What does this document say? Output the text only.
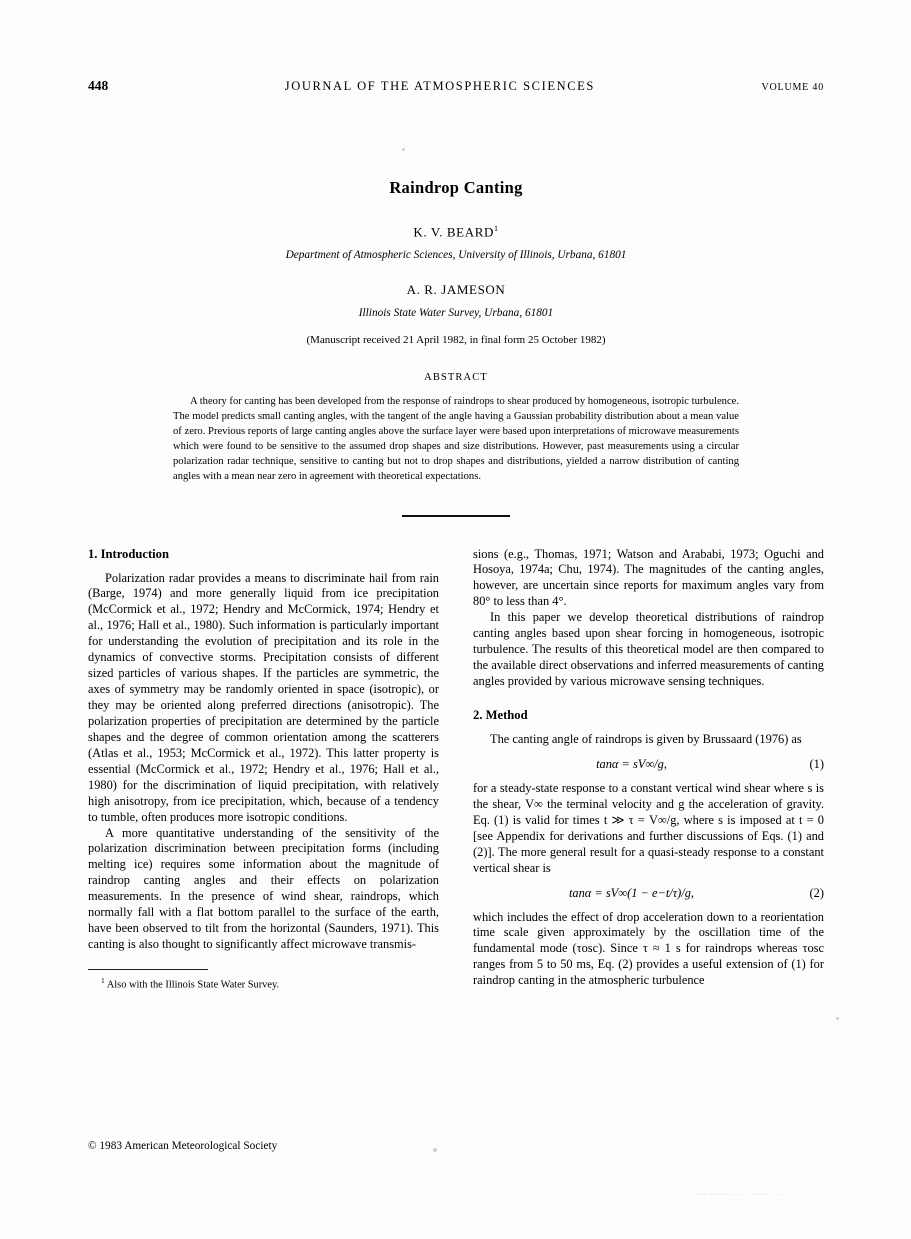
448	JOURNAL OF THE ATMOSPHERIC SCIENCES	VOLUME 40
Raindrop Canting
K. V. BEARD$^1$
Department of Atmospheric Sciences, University of Illinois, Urbana, 61801
A. R. JAMESON
Illinois State Water Survey, Urbana, 61801
(Manuscript received 21 April 1982, in final form 25 October 1982)
ABSTRACT
A theory for canting has been developed from the response of raindrops to shear produced by homogeneous, isotropic turbulence. The model predicts small canting angles, with the tangent of the angle having a Gaussian probability distribution about a mean value of zero. Previous reports of large canting angles above the surface layer were based upon interpretations of microwave measurements which were found to be sensitive to the assumed drop shapes and size distributions. However, past measurements using a circular polarization radar technique, sensitive to canting but not to drop shapes and distributions, yielded a narrow distribution of canting angles with a mean near zero in agreement with theoretical expectations.
1. Introduction

Polarization radar provides a means to discriminate hail from rain (Barge, 1974) and more generally liquid from ice precipitation (McCormick et al., 1972; Hendry and McCormick, 1974; Hendry et al., 1976; Hall et al., 1980). Such information is particularly important for understanding the evolution of precipitation and its role in the dynamics of convective storms. Precipitation consists of different sized particles of various shapes. If the particles are symmetric, the axes of symmetry may be randomly oriented in space (isotropic), or they may be oriented along preferred directions (anisotropic). The polarization properties of precipitation are determined by the particle shapes and the degree of common orientation among the scatterers (Atlas et al., 1953; McCormick et al., 1972). This latter property is essential (McCormick et al., 1972; Hendry et al., 1976; Hall et al., 1980) for the discrimination of liquid precipitation, with relatively high anisotropy, from ice precipitation, which, because of a tendency to tumble, often produces more isotropic conditions.

A more quantitative understanding of the sensitivity of the polarization discrimination between precipitation forms (including melting ice) requires some information about the magnitude of raindrop canting angles and their effects on polarization measurements. In the presence of wind shear, raindrops, which normally fall with a flat bottom parallel to the surface of the earth, have been observed to tilt from the horizontal (Saunders, 1971). This canting is also thought to significantly affect microwave transmis-

$^1$ Also with the Illinois State Water Survey.

sions (e.g., Thomas, 1971; Watson and Arababi, 1973; Oguchi and Hosoya, 1974a; Chu, 1974). The magnitudes of the canting angles, however, are uncertain since reports for maximum angles vary from 80° to less than 4°.

In this paper we develop theoretical distributions of raindrop canting angles based upon shear forcing in homogeneous, isotropic turbulence. The results of this theoretical model are then compared to the available direct observations and inferred measurements of canting angles provided by various microwave sensing techniques.

2. Method

The canting angle of raindrops is given by Brussaard (1976) as

tanα = sV∞/g,	(1)

for a steady-state response to a constant vertical wind shear where s is the shear, V∞ the terminal velocity and g the acceleration of gravity. Eq. (1) is valid for times t ≫ τ = V∞/g, where s is imposed at t = 0 [see Appendix for derivations and further discussions of Eqs. (1) and (2)]. The more general result for a quasi-steady response to a constant vertical shear is

tanα = sV∞(1 − e−t/τ)/g,	(2)

which includes the effect of drop acceleration down to a reorientation time scale given approximately by the oscillation time of the fundamental mode (τosc). Since τ ≈ 1 s for raindrops whereas τosc ranges from 5 to 50 ms, Eq. (2) provides a useful extension of (1) for raindrop canting in the atmospheric turbulence

© 1983 American Meteorological Society
. .... ..... ... .. . . . . .. ... . . . .
